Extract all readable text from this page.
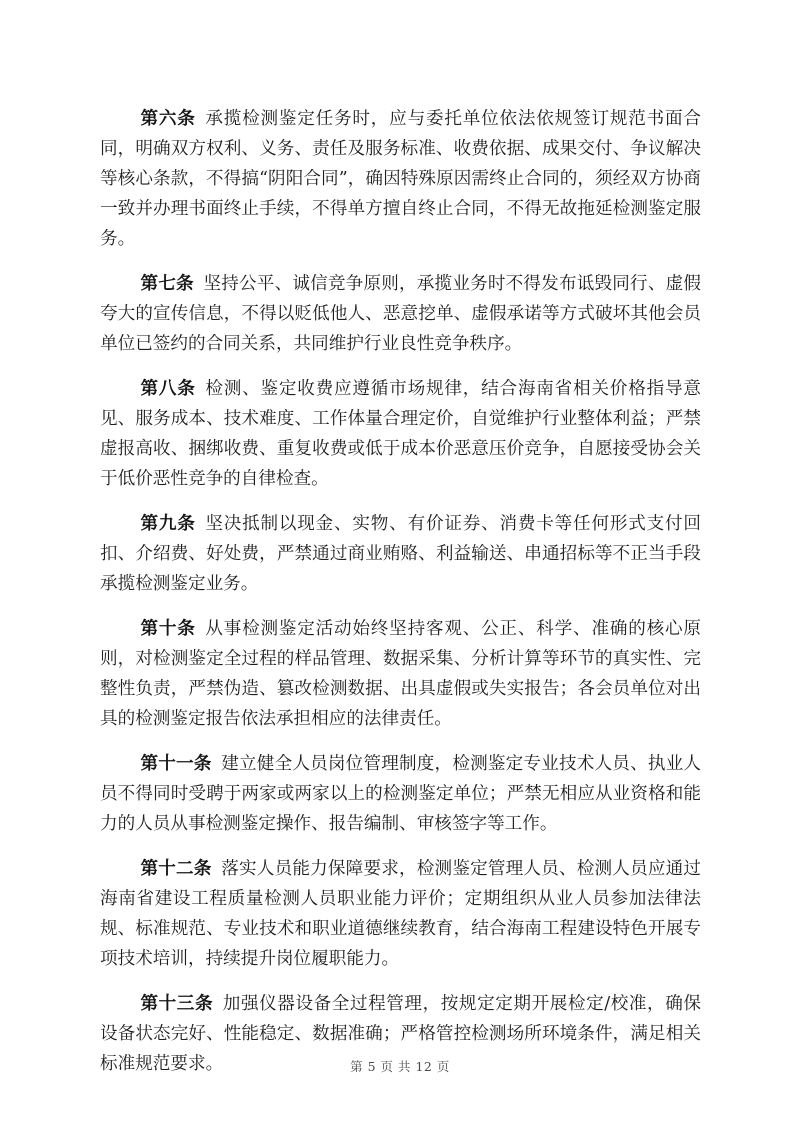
第六条 承揽检测鉴定任务时，应与委托单位依法依规签订规范书面合同，明确双方权利、义务、责任及服务标准、收费依据、成果交付、争议解决等核心条款，不得搞“阴阳合同”，确因特殊原因需终止合同的，须经双方协商一致并办理书面终止手续，不得单方擅自终止合同，不得无故拖延检测鉴定服务。

第七条 坚持公平、诚信竞争原则，承揽业务时不得发布诋毁同行、虚假夸大的宣传信息，不得以贬低他人、恶意挖单、虚假承诺等方式破坏其他会员单位已签约的合同关系，共同维护行业良性竞争秩序。

第八条 检测、鉴定收费应遵循市场规律，结合海南省相关价格指导意见、服务成本、技术难度、工作体量合理定价，自觉维护行业整体利益；严禁虚报高收、捆绑收费、重复收费或低于成本价恶意压价竞争，自愿接受协会关于低价恶性竞争的自律检查。

第九条 坚决抵制以现金、实物、有价证券、消费卡等任何形式支付回扣、介绍费、好处费，严禁通过商业贿赂、利益输送、串通招标等不正当手段承揽检测鉴定业务。

第十条 从事检测鉴定活动始终坚持客观、公正、科学、准确的核心原则，对检测鉴定全过程的样品管理、数据采集、分析计算等环节的真实性、完整性负责，严禁伪造、篡改检测数据、出具虚假或失实报告；各会员单位对出具的检测鉴定报告依法承担相应的法律责任。

第十一条 建立健全人员岗位管理制度，检测鉴定专业技术人员、执业人员不得同时受聘于两家或两家以上的检测鉴定单位；严禁无相应从业资格和能力的人员从事检测鉴定操作、报告编制、审核签字等工作。

第十二条 落实人员能力保障要求，检测鉴定管理人员、检测人员应通过海南省建设工程质量检测人员职业能力评价；定期组织从业人员参加法律法规、标准规范、专业技术和职业道德继续教育，结合海南工程建设特色开展专项技术培训，持续提升岗位履职能力。

第十三条 加强仪器设备全过程管理，按规定定期开展检定/校准，确保设备状态完好、性能稳定、数据准确；严格管控检测场所环境条件，满足相关标准规范要求。	第 5 页 共 12 页
